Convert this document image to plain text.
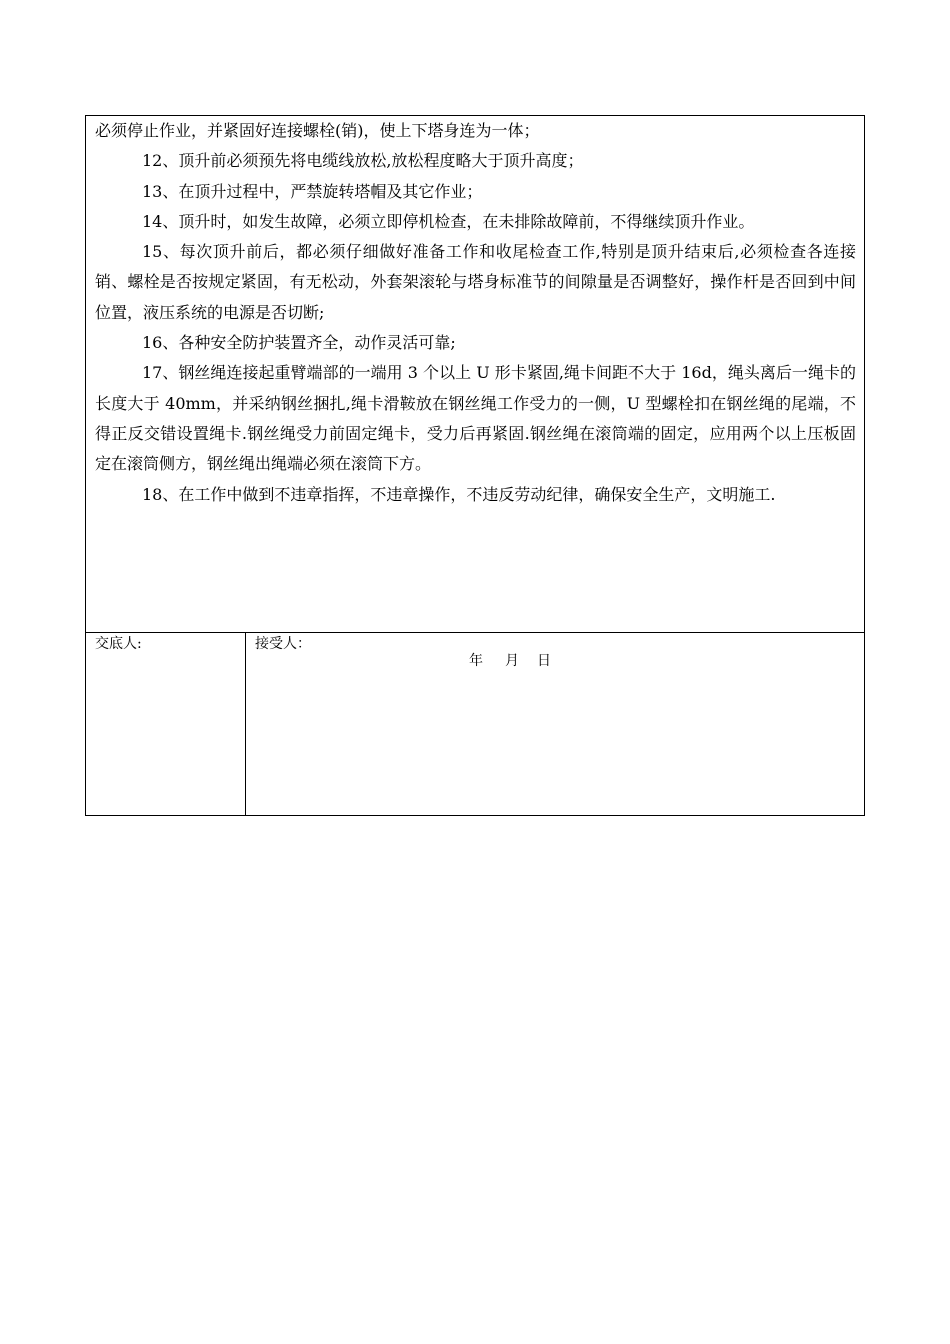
必须停止作业，并紧固好连接螺栓(销)，使上下塔身连为一体；

12、顶升前必须预先将电缆线放松,放松程度略大于顶升高度；

13、在顶升过程中，严禁旋转塔帽及其它作业；

14、顶升时，如发生故障，必须立即停机检查，在未排除故障前，不得继续顶升作业。

15、每次顶升前后，都必须仔细做好准备工作和收尾检查工作,特别是顶升结束后,必须检查各连接销、螺栓是否按规定紧固，有无松动，外套架滚轮与塔身标准节的间隙量是否调整好，操作杆是否回到中间位置，液压系统的电源是否切断;

16、各种安全防护装置齐全，动作灵活可靠;

17、钢丝绳连接起重臂端部的一端用 3 个以上 U 形卡紧固,绳卡间距不大于 16d，绳头离后一绳卡的长度大于 40mm，并采纳钢丝捆扎,绳卡滑鞍放在钢丝绳工作受力的一侧，U 型螺栓扣在钢丝绳的尾端，不得正反交错设置绳卡.钢丝绳受力前固定绳卡，受力后再紧固.钢丝绳在滚筒端的固定，应用两个以上压板固定在滚筒侧方，钢丝绳出绳端必须在滚筒下方。

18、在工作中做到不违章指挥，不违章操作，不违反劳动纪律，确保安全生产，文明施工.

交底人:	接受人：
年 月 日
